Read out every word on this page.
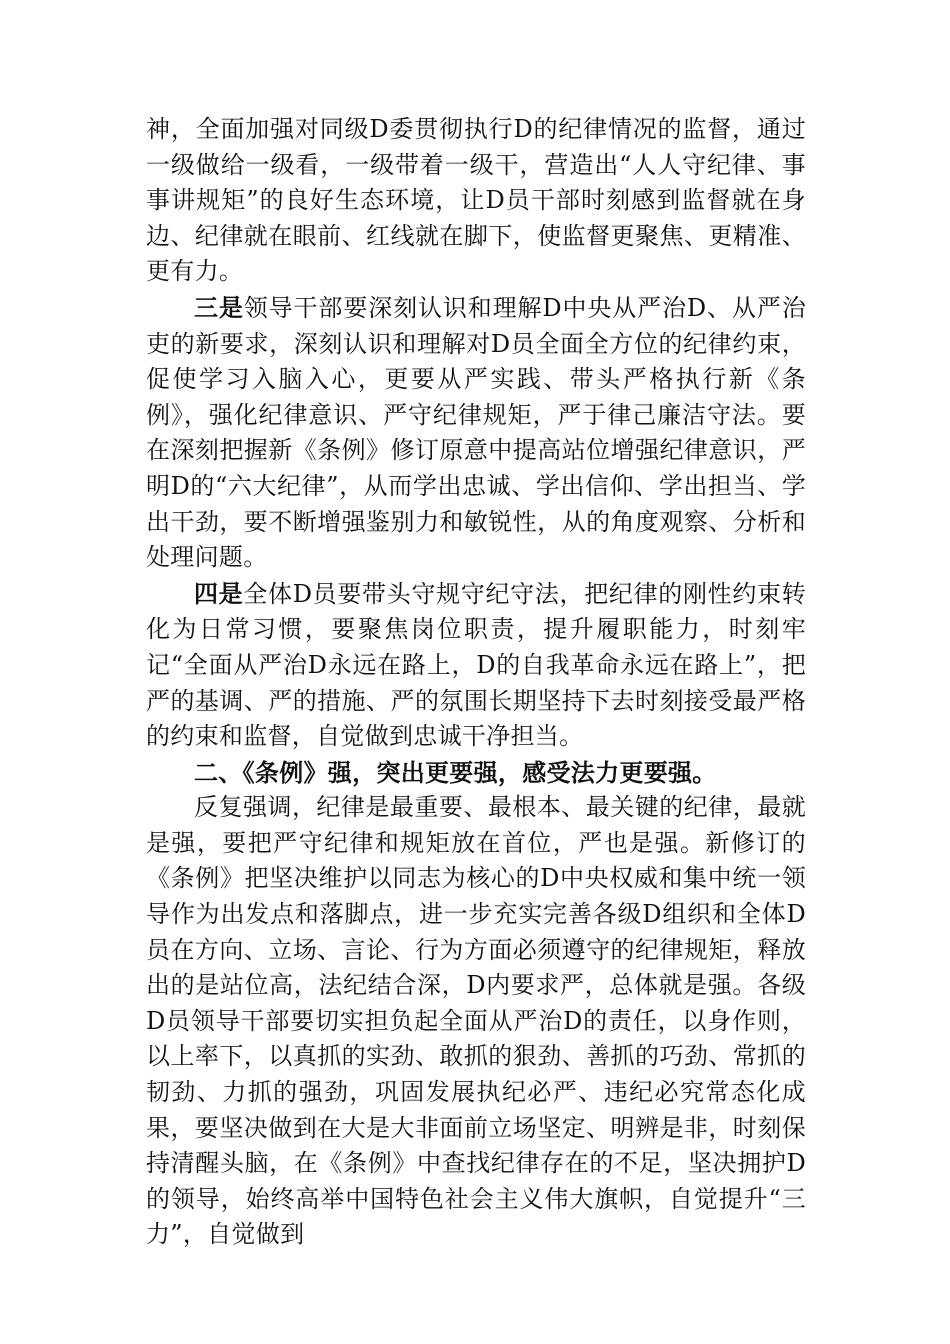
神，全面加强对同级D委贯彻执行D的纪律情况的监督，通过一级做给一级看，一级带着一级干，营造出“人人守纪律、事事讲规矩”的良好生态环境，让D员干部时刻感到监督就在身边、纪律就在眼前、红线就在脚下，使监督更聚焦、更精准、更有力。

三是领导干部要深刻认识和理解D中央从严治D、从严治吏的新要求，深刻认识和理解对D员全面全方位的纪律约束，促使学习入脑入心，更要从严实践、带头严格执行新《条例》，强化纪律意识、严守纪律规矩，严于律己廉洁守法。要在深刻把握新《条例》修订原意中提高站位增强纪律意识，严明D的“六大纪律”，从而学出忠诚、学出信仰、学出担当、学出干劲，要不断增强鉴别力和敏锐性，从的角度观察、分析和处理问题。

四是全体D员要带头守规守纪守法，把纪律的刚性约束转化为日常习惯，要聚焦岗位职责，提升履职能力，时刻牢记“全面从严治D永远在路上，D的自我革命永远在路上”，把严的基调、严的措施、严的氛围长期坚持下去时刻接受最严格的约束和监督，自觉做到忠诚干净担当。

二、《条例》强，突出更要强，感受法力更要强。

反复强调，纪律是最重要、最根本、最关键的纪律，最就是强，要把严守纪律和规矩放在首位，严也是强。新修订的《条例》把坚决维护以同志为核心的D中央权威和集中统一领导作为出发点和落脚点，进一步充实完善各级D组织和全体D员在方向、立场、言论、行为方面必须遵守的纪律规矩，释放出的是站位高，法纪结合深，D内要求严，总体就是强。各级D员领导干部要切实担负起全面从严治D的责任，以身作则，以上率下，以真抓的实劲、敢抓的狠劲、善抓的巧劲、常抓的韧劲、力抓的强劲，巩固发展执纪必严、违纪必究常态化成果，要坚决做到在大是大非面前立场坚定、明辨是非，时刻保持清醒头脑，在《条例》中查找纪律存在的不足，坚决拥护D的领导，始终高举中国特色社会主义伟大旗帜，自觉提升“三力”，自觉做到
